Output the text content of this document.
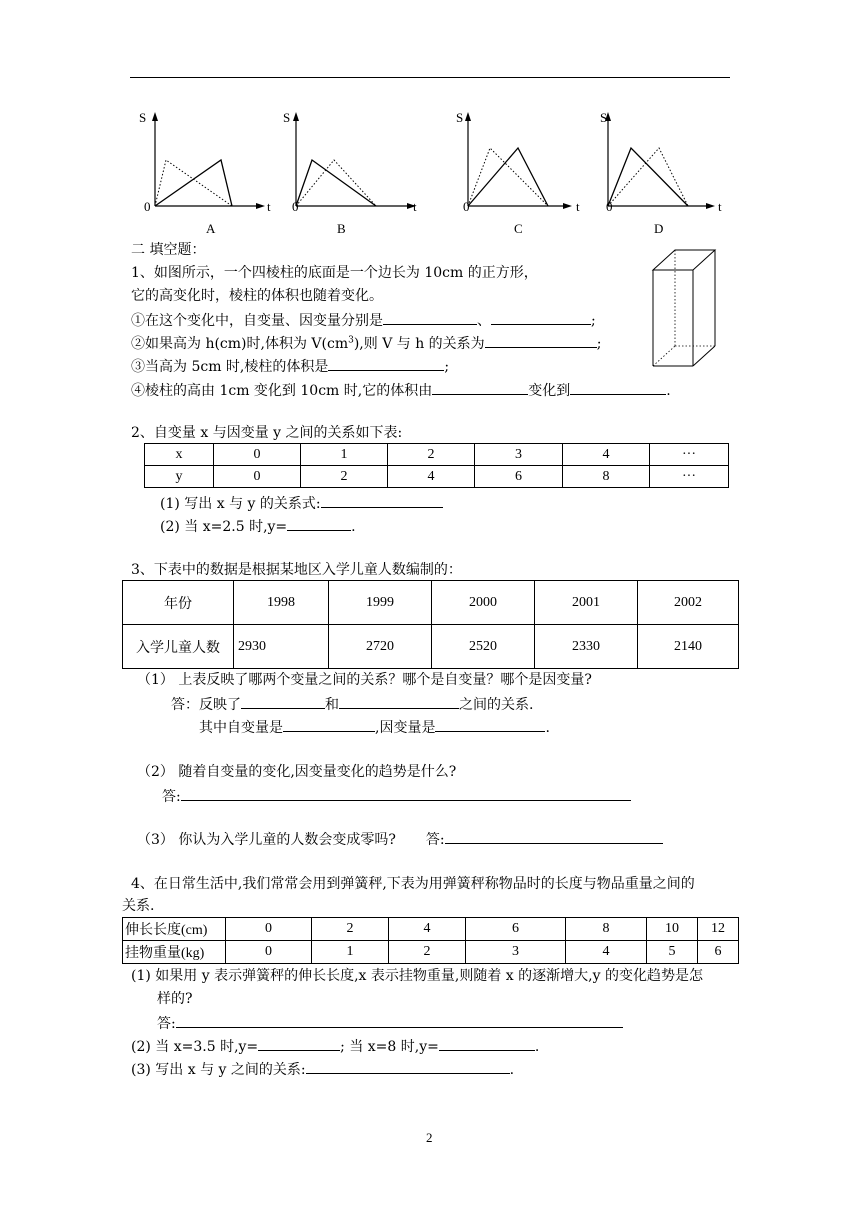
S
0	t
A
S
0	t
B
S
0	t
C
S
0	t
D
二 填空题：
1、如图所示，一个四棱柱的底面是一个边长为 10cm 的正方形，
它的高变化时，棱柱的体积也随着变化。
①在这个变化中，自变量、因变量分别是	、	;
②如果高为 h(cm)时,体积为 $V(cm^3)$,则 V 与 h 的关系为	;
③当高为 5cm 时,棱柱的体积是	;
④棱柱的高由 1cm 变化到 10cm 时,它的体积由	变化到	.
2、自变量 x 与因变量 y 之间的关系如下表:
x	0	1	2	3	4	···
y	0	2	4	6	8	···
(1) 写出 x 与 y 的关系式:
(2) 当 x=2.5 时,y=	.
3、下表中的数据是根据某地区入学儿童人数编制的：
年份	1998	1999	2000	2001	2002
入学儿童人数	2930	2720	2520	2330	2140
（1） 上表反映了哪两个变量之间的关系？哪个是自变量？哪个是因变量?
答：反映了	和	之间的关系.
其中自变量是	,因变量是	.
（2） 随着自变量的变化,因变量变化的趋势是什么?
答:
（3） 你认为入学儿童的人数会变成零吗? 答:
4、在日常生活中,我们常常会用到弹簧秤,下表为用弹簧秤称物品时的长度与物品重量之间的
关系.
伸长长度(cm)	0	2	4	6	8	10	12
挂物重量(kg)	0	1	2	3	4	5	6
(1) 如果用 y 表示弹簧秤的伸长长度,x 表示挂物重量,则随着 x 的逐渐增大,y 的变化趋势是怎
样的?
答:
(2) 当 x=3.5 时,y=	; 当 x=8 时,y=	.
(3) 写出 x 与 y 之间的关系:	.
2
